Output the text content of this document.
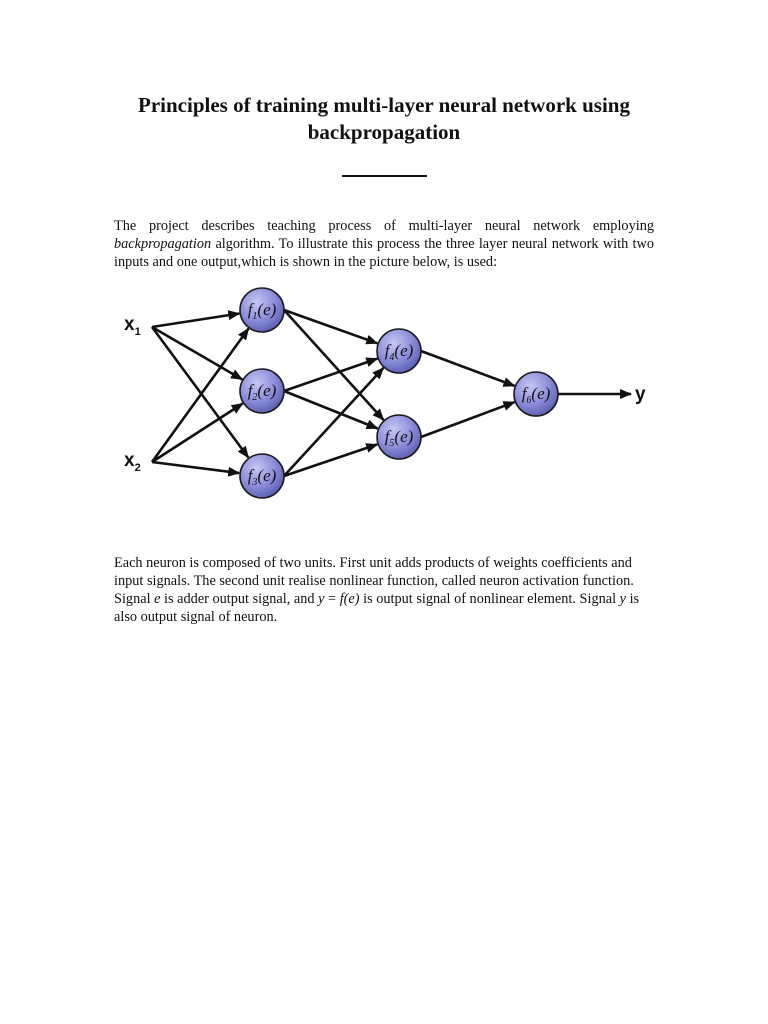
Principles of training multi-layer neural network using backpropagation

The project describes teaching process of multi-layer neural network employing backpropagation algorithm. To illustrate this process the three layer neural network with two inputs and one output,which is shown in the picture below, is used:

$f_1(e)$
$f_2(e)$
$f_3(e)$
$f_4(e)$
$f_5(e)$
$f_6(e)$
$x_1$
$x_2$
y

Each neuron is composed of two units. First unit adds products of weights coefficients and input signals. The second unit realise nonlinear function, called neuron activation function. Signal e is adder output signal, and y = f(e) is output signal of nonlinear element. Signal y is also output signal of neuron.
